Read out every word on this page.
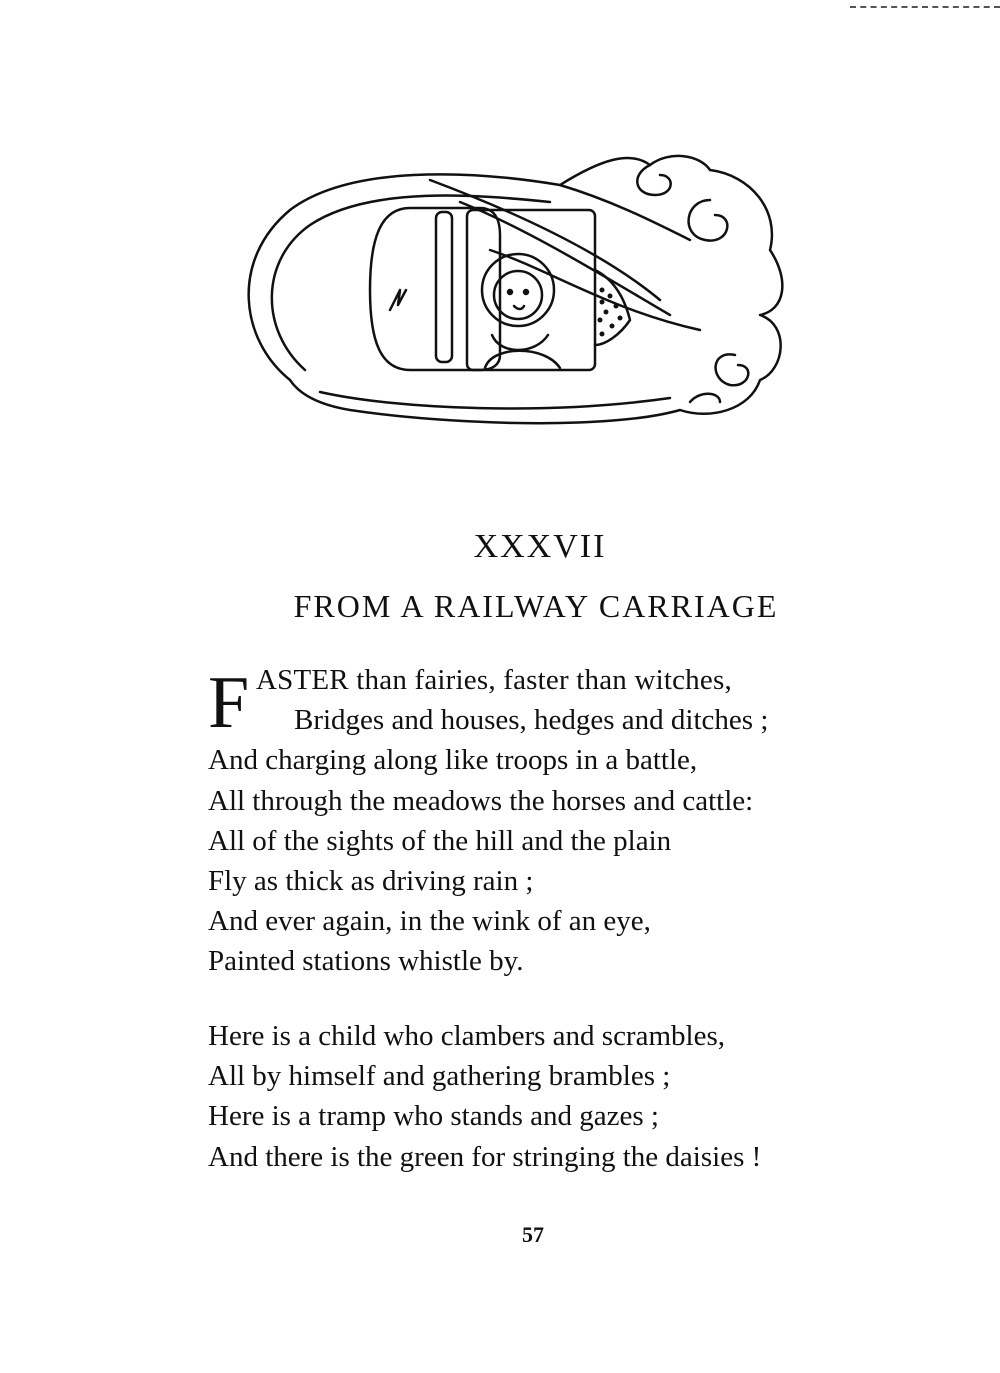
XXXVII
FROM A RAILWAY CARRIAGE
F ASTER than fairies, faster than witches,
Bridges and houses, hedges and ditches ;
And charging along like troops in a battle,
All through the meadows the horses and cattle:
All of the sights of the hill and the plain
Fly as thick as driving rain ;
And ever again, in the wink of an eye,
Painted stations whistle by.
Here is a child who clambers and scrambles,
All by himself and gathering brambles ;
Here is a tramp who stands and gazes ;
And there is the green for stringing the daisies !
57
